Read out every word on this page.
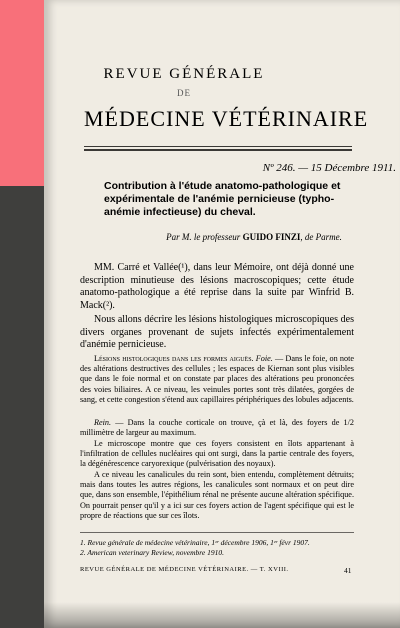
REVUE GÉNÉRALE
DE
MÉDECINE VÉTÉRINAIRE
Nº 246. — 15 Décembre 1911.
Contribution à l'étude anatomo-pathologique et expérimentale de l'anémie pernicieuse (typho-anémie infectieuse) du cheval.
Par M. le professeur GUIDO FINZI, de Parme.
MM. Carré et Vallée(¹), dans leur Mémoire, ont déjà donné une description minutieuse des lésions macroscopiques; cette étude anatomo-pathologique a été reprise dans la suite par Winfrid B. Mack(²).
Nous allons décrire les lésions histologiques microscopiques des divers organes provenant de sujets infectés expérimentalement d'anémie pernicieuse.
Lésions histologiques dans les formes aiguës. Foie. — Dans le foie, on note des altérations destructives des cellules ; les espaces de Kiernan sont plus visibles que dans le foie normal et on constate par places des altérations peu prononcées des voies biliaires. A ce niveau, les veinules portes sont très dilatées, gorgées de sang, et cette congestion s'étend aux capillaires périphériques des lobules adjacents.
Rein. — Dans la couche corticale on trouve, çà et là, des foyers de 1/2 millimètre de largeur au maximum.
Le microscope montre que ces foyers consistent en îlots appartenant à l'infiltration de cellules nucléaires qui ont surgi, dans la partie centrale des foyers, la dégénérescence caryorexique (pulvérisation des noyaux).
A ce niveau les canalicules du rein sont, bien entendu, complètement détruits; mais dans toutes les autres régions, les canalicules sont normaux et on peut dire que, dans son ensemble, l'épithélium rénal ne présente aucune altération spécifique. On pourrait penser qu'il y a ici sur ces foyers action de l'agent spécifique qui est le propre de réactions que sur ces îlots.
1. Revue générale de médecine vétérinaire, 1ᵉʳ décembre 1906, 1ᵉʳ févr 1907.
2. American veterinary Review, novembre 1910.
REVUE GÉNÉRALE DE MÉDECINE VÉTÉRINAIRE. — T. XVIII.	41
